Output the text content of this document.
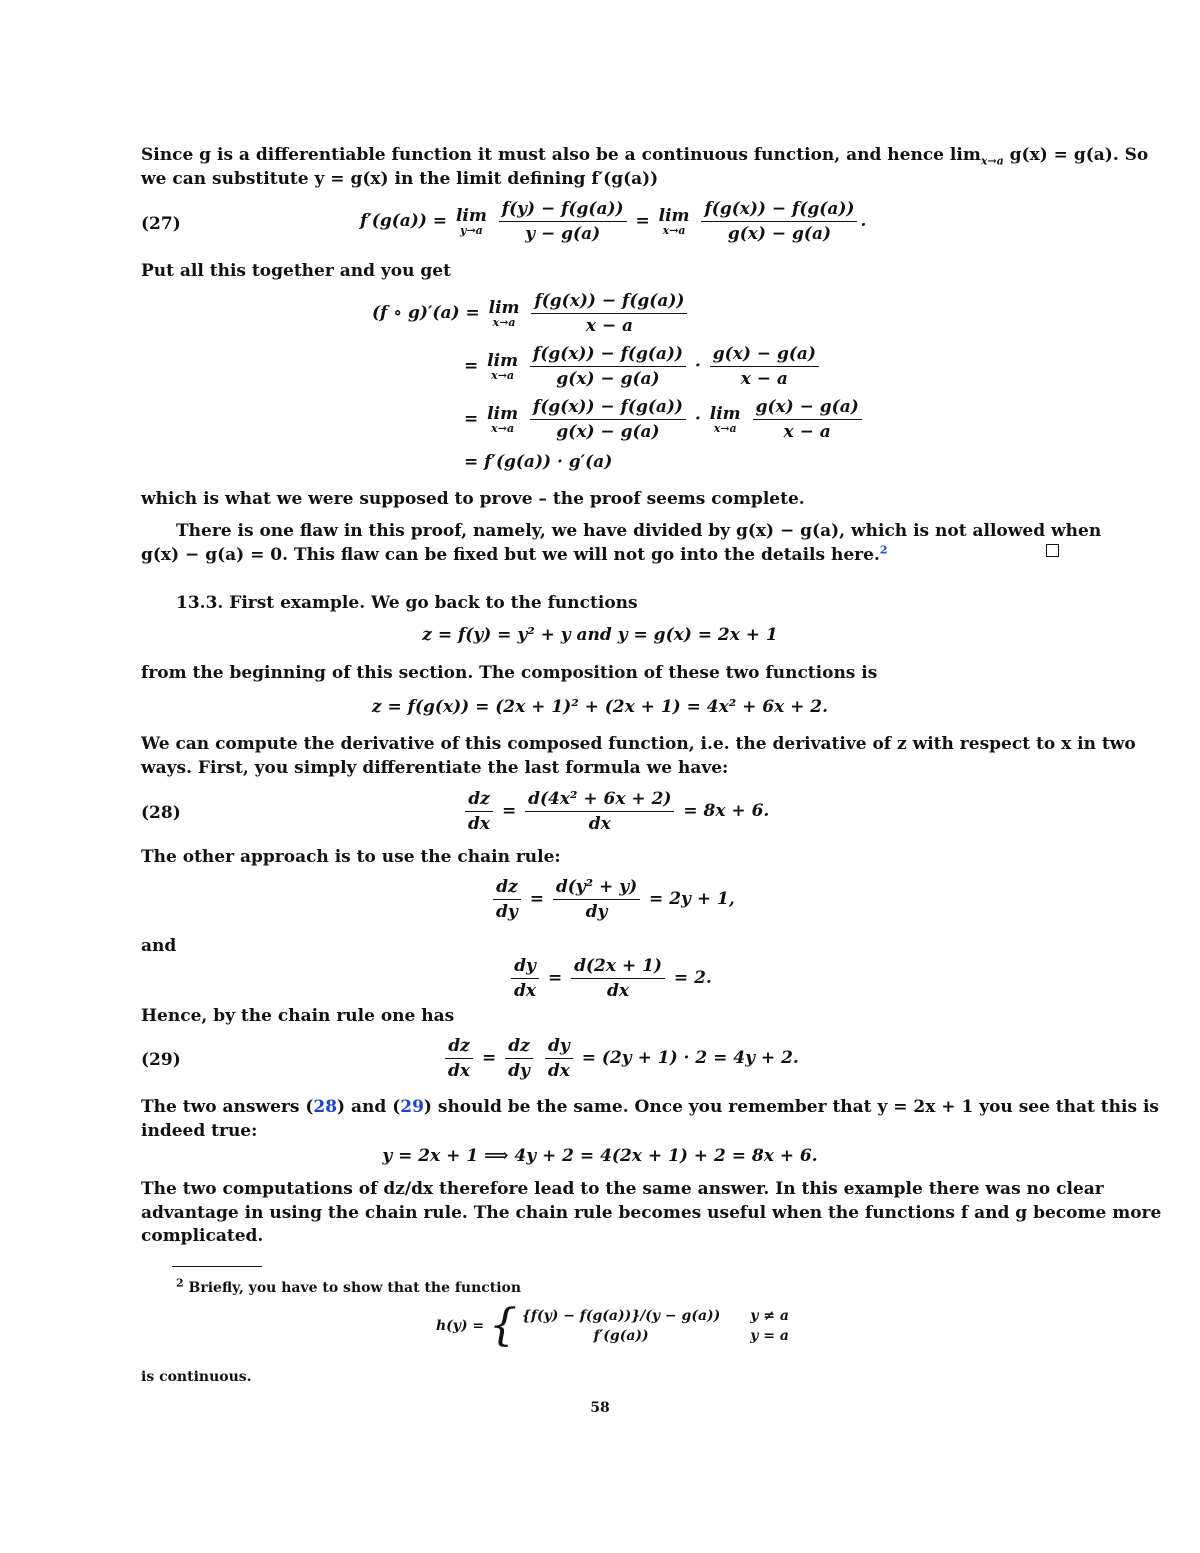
Since g is a differentiable function it must also be a continuous function, and hence $\lim_{x\to a} g(x) = g(a)$. So
we can substitute y = g(x) in the limit defining f′(g(a))
(27)	f′(g(a)) = lim
y→a
$\frac{f(y) - f(g(a))}{y - g(a)} = \lim$
x→a
$\frac{f(g(x)) - f(g(a))}{g(x) - g(a)}$ .
Put all this together and you get
(f ∘ g)′(a) = lim
x→a
$\frac{f(g(x)) - f(g(a))}{x - a}$
= lim
x→a
$\frac{f(g(x)) - f(g(a))}{g(x) - g(a)} \cdot \frac{g(x) - g(a)}{x - a}$
= lim
x→a
$\frac{f(g(x)) - f(g(a))}{g(x) - g(a)} \cdot \lim$
x→a
$\frac{g(x) - g(a)}{x - a}$
= f′(g(a)) · g′(a)
which is what we were supposed to prove – the proof seems complete.
There is one flaw in this proof, namely, we have divided by g(x) − g(a), which is not allowed when
g(x) − g(a) = 0. This flaw can be fixed but we will not go into the details here.$^2$
13.3. First example. We go back to the functions
z = f(y) = y² + y and y = g(x) = 2x + 1
from the beginning of this section. The composition of these two functions is
z = f(g(x)) = (2x + 1)² + (2x + 1) = 4x² + 6x + 2.
We can compute the derivative of this composed function, i.e. the derivative of z with respect to x in two
ways. First, you simply differentiate the last formula we have:
(28)	$\frac{dz}{dx} = \frac{\text{d(4x² + 6x + 2)}}{dx} = 8x + 6$.
The other approach is to use the chain rule:
$\frac{dz}{dy} = \frac{\text{d(y² + y)}}{dy} = 2y + 1$,
and
$\frac{dy}{dx} = \frac{d(2x + 1)}{dx} = 2$.
Hence, by the chain rule one has
(29)	$\frac{dz}{dx} = \frac{dz}{dy}$
$\frac{dy}{dx} = (2y + 1) \cdot 2 = 4y + 2$.
The two answers (28) and (29) should be the same. Once you remember that y = 2x + 1 you see that this is
indeed true:
y = 2x + 1 ⟹ 4y + 2 = 4(2x + 1) + 2 = 8x + 6.
The two computations of dz/dx therefore lead to the same answer. In this example there was no clear
advantage in using the chain rule. The chain rule becomes useful when the functions f and g become more
complicated.
$^2$ Briefly, you have to show that the function
h(y) = { {f(y) − f(g(a))}/(y − g(a)) y ≠ a
f′(g(a))	y = a
is continuous.
58
